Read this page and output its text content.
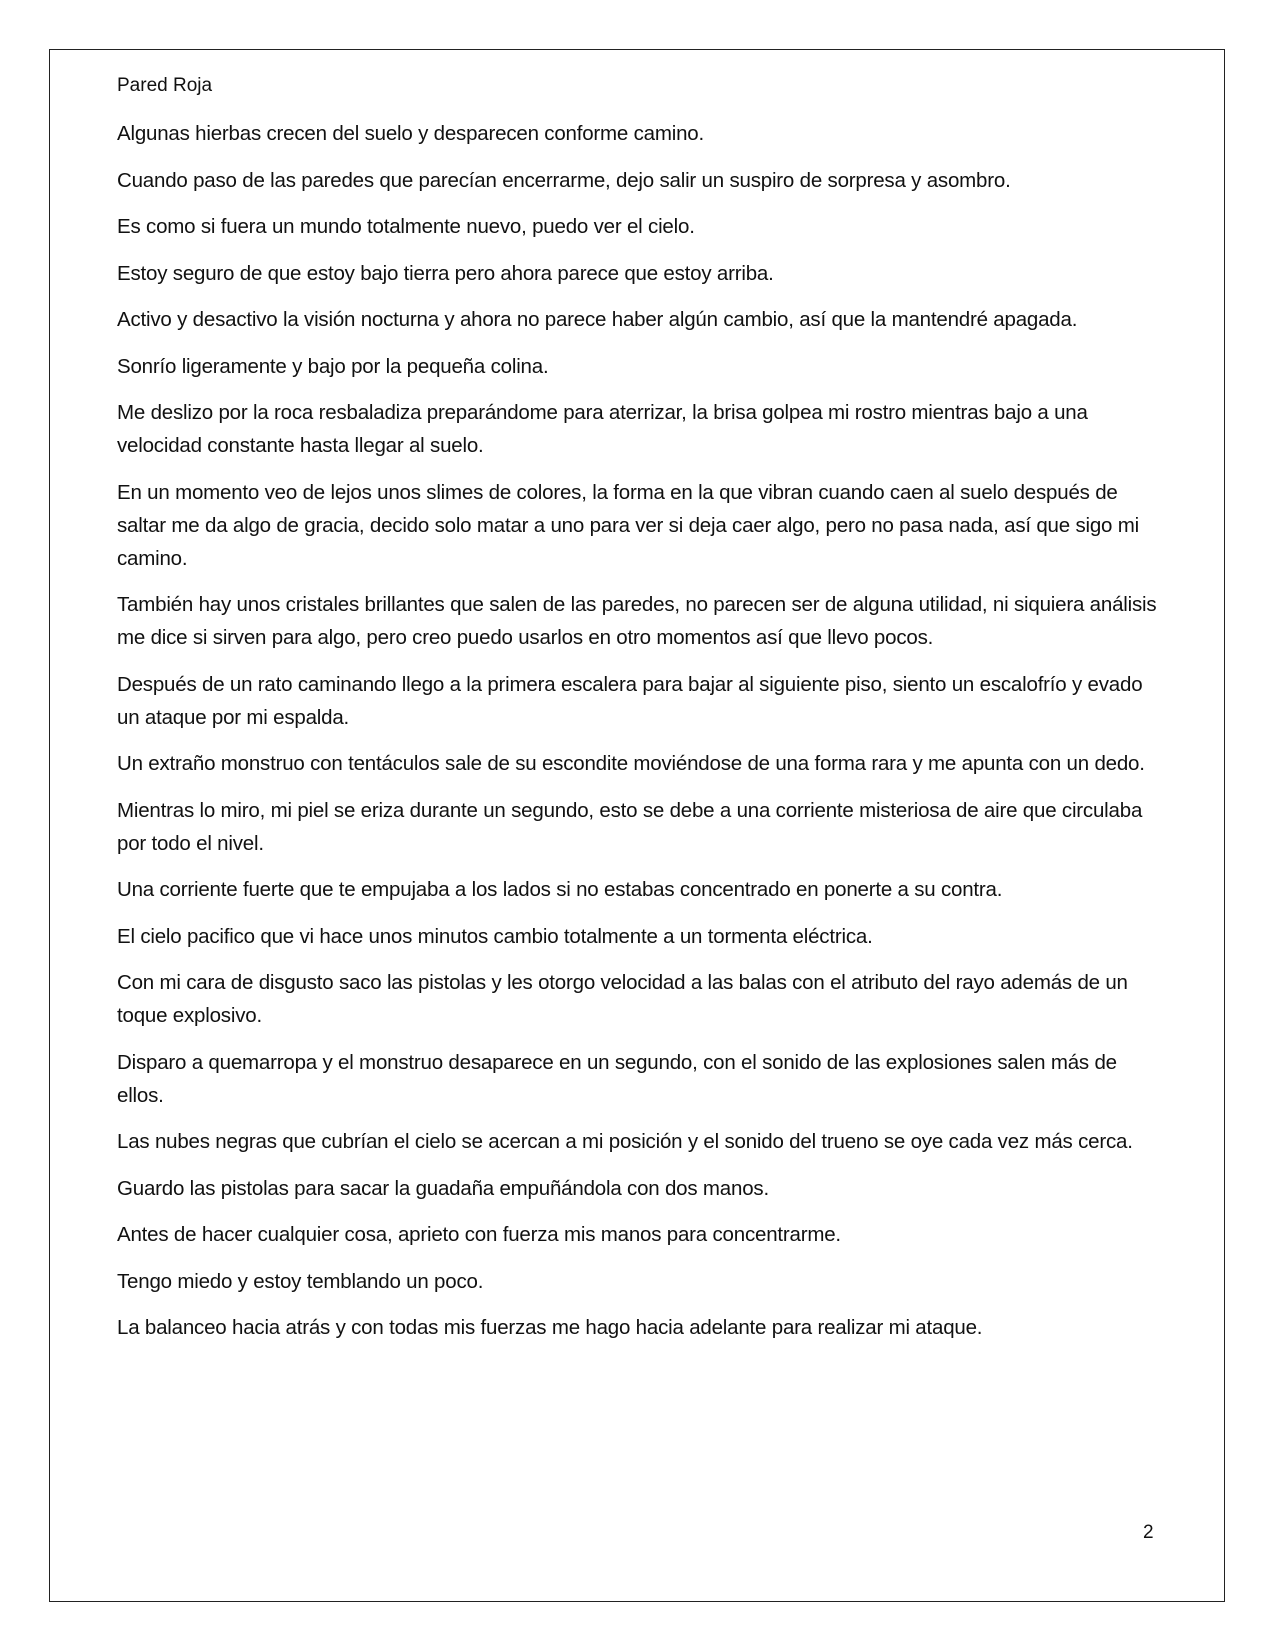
Pared Roja

Algunas hierbas crecen del suelo y desparecen conforme camino.

Cuando paso de las paredes que parecían encerrarme, dejo salir un suspiro de sorpresa y asombro.

Es como si fuera un mundo totalmente nuevo, puedo ver el cielo.

Estoy seguro de que estoy bajo tierra pero ahora parece que estoy arriba.

Activo y desactivo la visión nocturna y ahora no parece haber algún cambio, así que la mantendré apagada.

Sonrío ligeramente y bajo por la pequeña colina.

Me deslizo por la roca resbaladiza preparándome para aterrizar, la brisa golpea mi rostro mientras bajo a una velocidad constante hasta llegar al suelo.

En un momento veo de lejos unos slimes de colores, la forma en la que vibran cuando caen al suelo después de saltar me da algo de gracia, decido solo matar a uno para ver si deja caer algo, pero no pasa nada, así que sigo mi camino.

También hay unos cristales brillantes que salen de las paredes, no parecen ser de alguna utilidad, ni siquiera análisis me dice si sirven para algo, pero creo puedo usarlos en otro momentos así que llevo pocos.

Después de un rato caminando llego a la primera escalera para bajar al siguiente piso, siento un escalofrío y evado un ataque por mi espalda.

Un extraño monstruo con tentáculos sale de su escondite moviéndose de una forma rara y me apunta con un dedo.

Mientras lo miro, mi piel se eriza durante un segundo, esto se debe a una corriente misteriosa de aire que circulaba por todo el nivel.

Una corriente fuerte que te empujaba a los lados si no estabas concentrado en ponerte a su contra.

El cielo pacifico que vi hace unos minutos cambio totalmente a un tormenta eléctrica.

Con mi cara de disgusto saco las pistolas y les otorgo velocidad a las balas con el atributo del rayo además de un toque explosivo.

Disparo a quemarropa y el monstruo desaparece en un segundo, con el sonido de las explosiones salen más de ellos.

Las nubes negras que cubrían el cielo se acercan a mi posición y el sonido del trueno se oye cada vez más cerca.

Guardo las pistolas para sacar la guadaña empuñándola con dos manos.

Antes de hacer cualquier cosa, aprieto con fuerza mis manos para concentrarme.

Tengo miedo y estoy temblando un poco.

La balanceo hacia atrás y con todas mis fuerzas me hago hacia adelante para realizar mi ataque.

2
